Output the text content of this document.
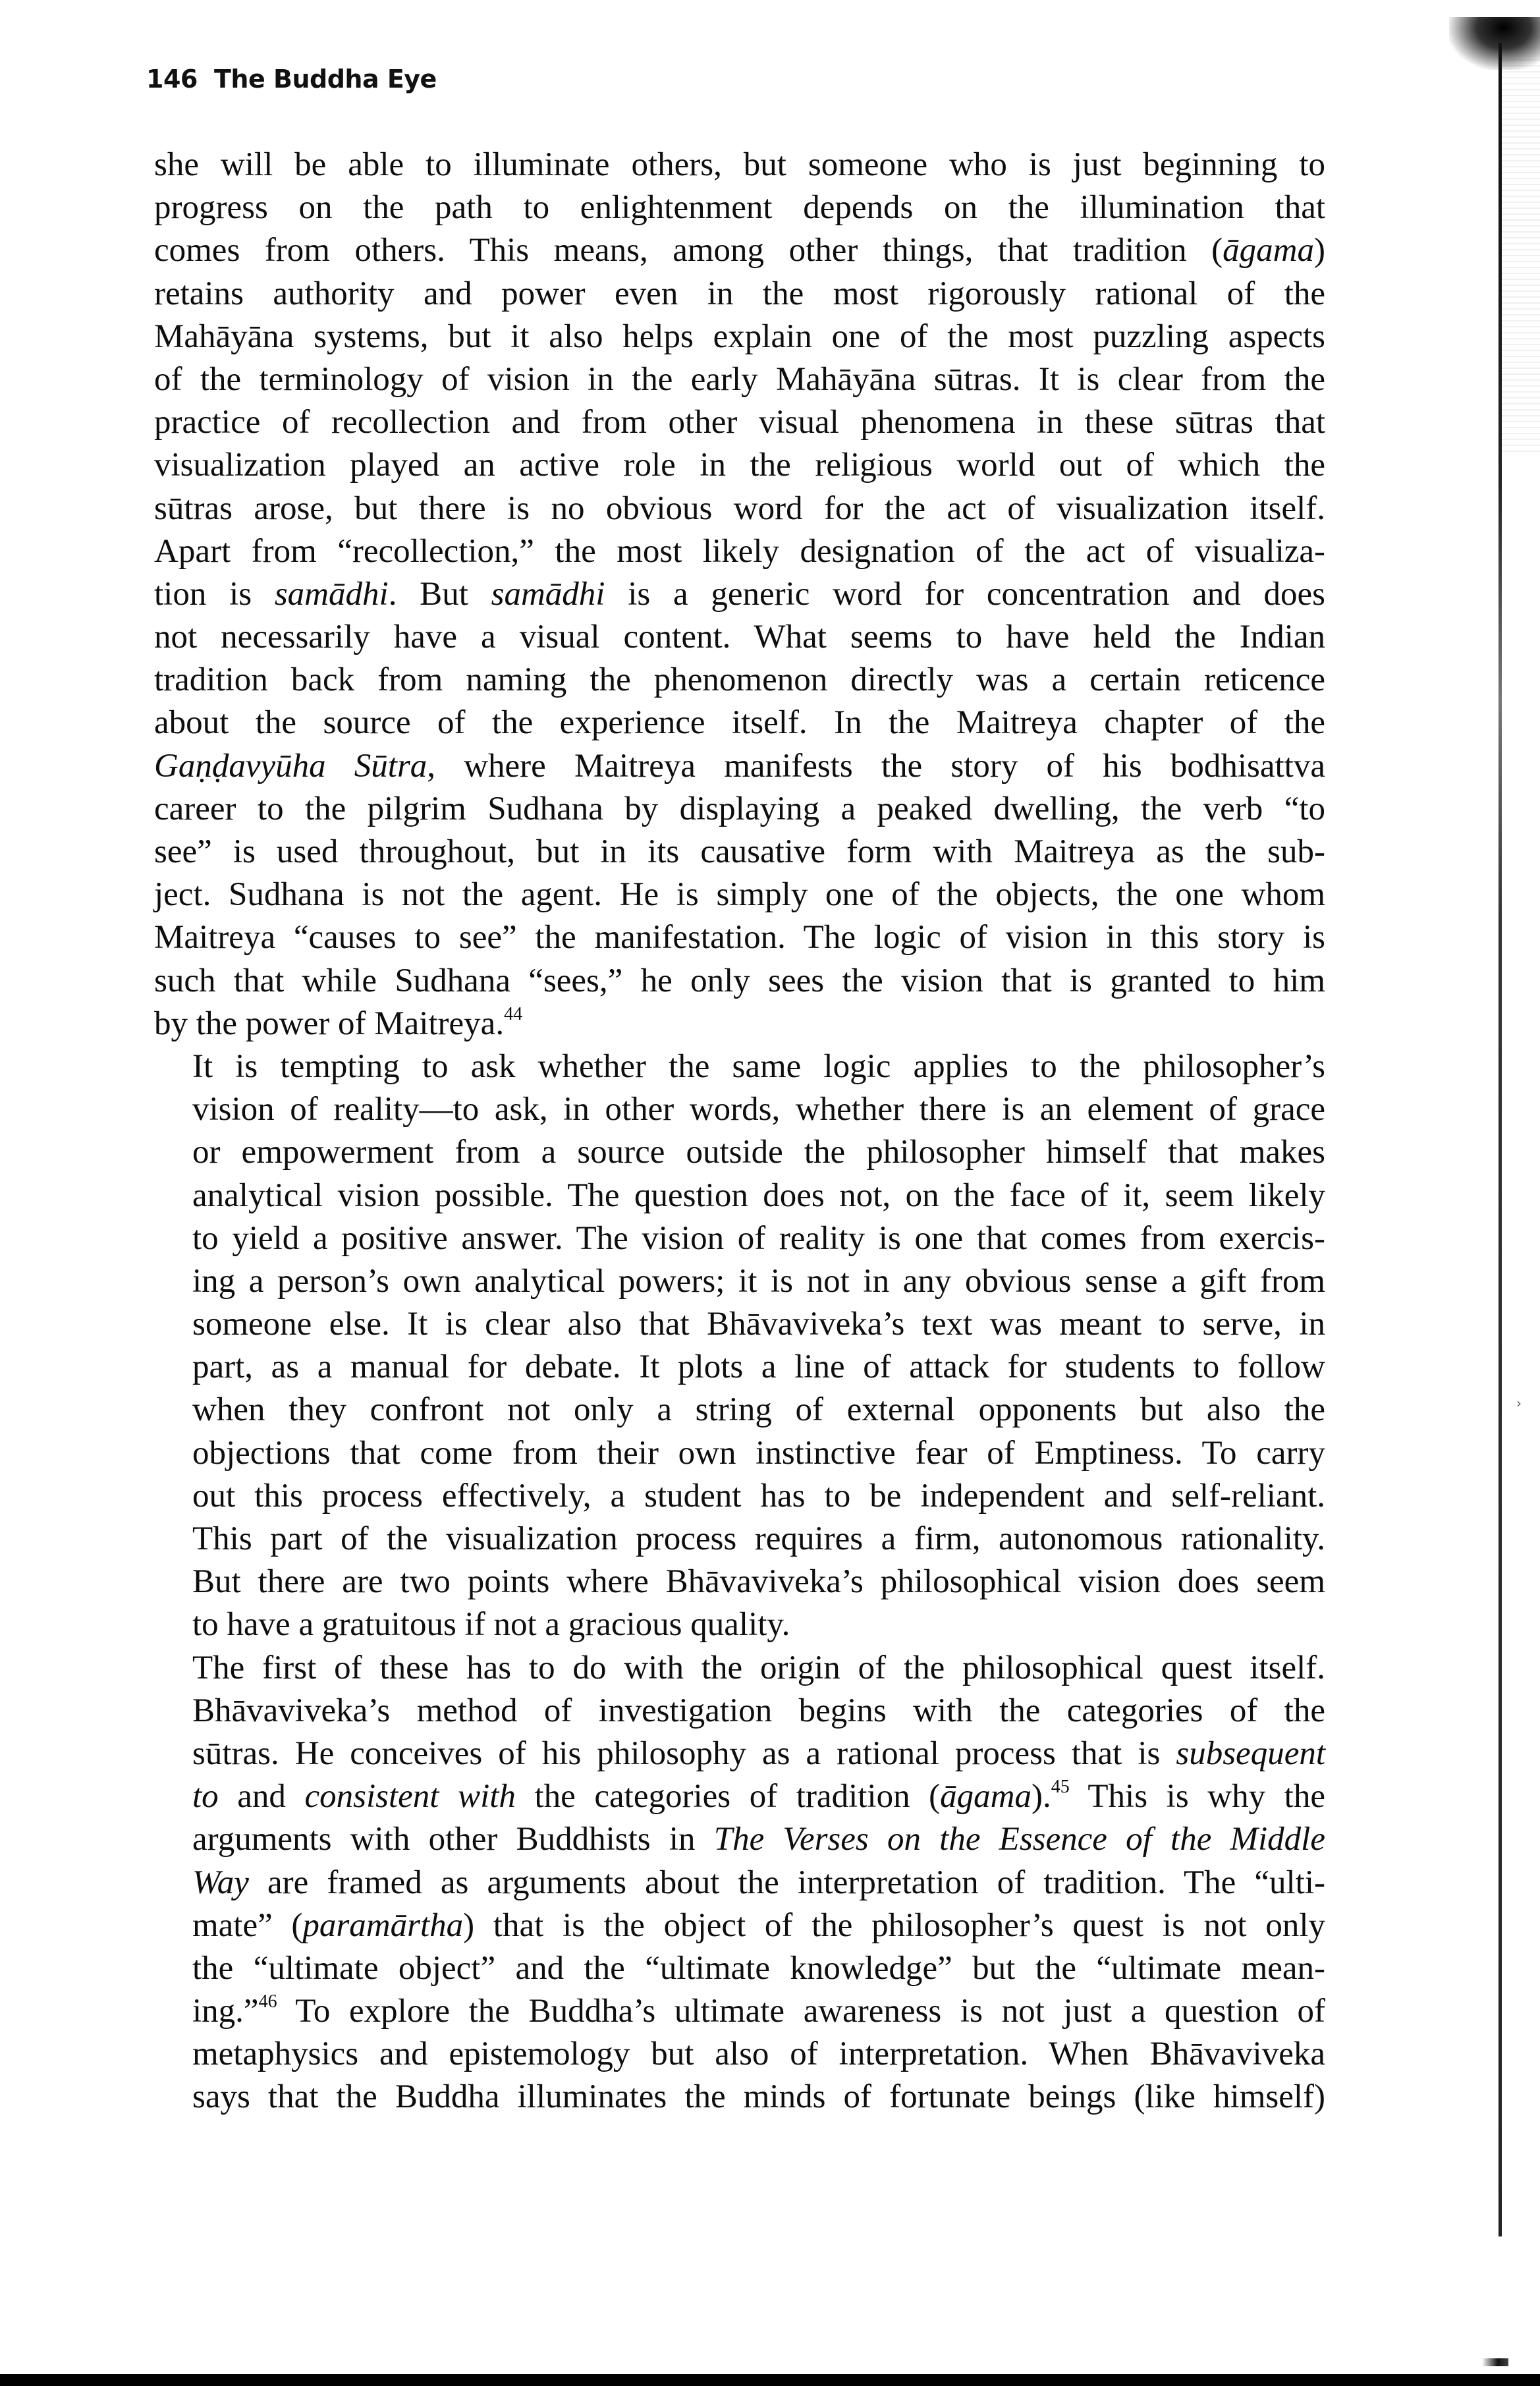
146 The Buddha Eye

she will be able to illuminate others, but someone who is just beginning to
progress on the path to enlightenment depends on the illumination that
comes from others. This means, among other things, that tradition (āgama)
retains authority and power even in the most rigorously rational of the
Mahāyāna systems, but it also helps explain one of the most puzzling aspects
of the terminology of vision in the early Mahāyāna sūtras. It is clear from the
practice of recollection and from other visual phenomena in these sūtras that
visualization played an active role in the religious world out of which the
sūtras arose, but there is no obvious word for the act of visualization itself.
Apart from “recollection,” the most likely designation of the act of visualiza-
tion is samādhi. But samādhi is a generic word for concentration and does
not necessarily have a visual content. What seems to have held the Indian
tradition back from naming the phenomenon directly was a certain reticence
about the source of the experience itself. In the Maitreya chapter of the
Gaṇḍavyūha Sūtra, where Maitreya manifests the story of his bodhisattva
career to the pilgrim Sudhana by displaying a peaked dwelling, the verb “to
see” is used throughout, but in its causative form with Maitreya as the sub-
ject. Sudhana is not the agent. He is simply one of the objects, the one whom
Maitreya “causes to see” the manifestation. The logic of vision in this story is
such that while Sudhana “sees,” he only sees the vision that is granted to him
by the power of Maitreya.$^{44}$

It is tempting to ask whether the same logic applies to the philosopher’s
vision of reality—to ask, in other words, whether there is an element of grace
or empowerment from a source outside the philosopher himself that makes
analytical vision possible. The question does not, on the face of it, seem likely
to yield a positive answer. The vision of reality is one that comes from exercis-
ing a person’s own analytical powers; it is not in any obvious sense a gift from
someone else. It is clear also that Bhāvaviveka’s text was meant to serve, in
part, as a manual for debate. It plots a line of attack for students to follow
when they confront not only a string of external opponents but also the
objections that come from their own instinctive fear of Emptiness. To carry
out this process effectively, a student has to be independent and self-reliant.
This part of the visualization process requires a firm, autonomous rationality.
But there are two points where Bhāvaviveka’s philosophical vision does seem
to have a gratuitous if not a gracious quality.

The first of these has to do with the origin of the philosophical quest itself.
Bhāvaviveka’s method of investigation begins with the categories of the
sūtras. He conceives of his philosophy as a rational process that is subsequent
to and consistent with the categories of tradition (āgama).$^{45}$ This is why the
arguments with other Buddhists in The Verses on the Essence of the Middle
Way are framed as arguments about the interpretation of tradition. The “ulti-
mate” (paramārtha) that is the object of the philosopher’s quest is not only
the “ultimate object” and the “ultimate knowledge” but the “ultimate mean-
ing.”$^{46}$ To explore the Buddha’s ultimate awareness is not just a question of
metaphysics and epistemology but also of interpretation. When Bhāvaviveka
says that the Buddha illuminates the minds of fortunate beings (like himself)

›
